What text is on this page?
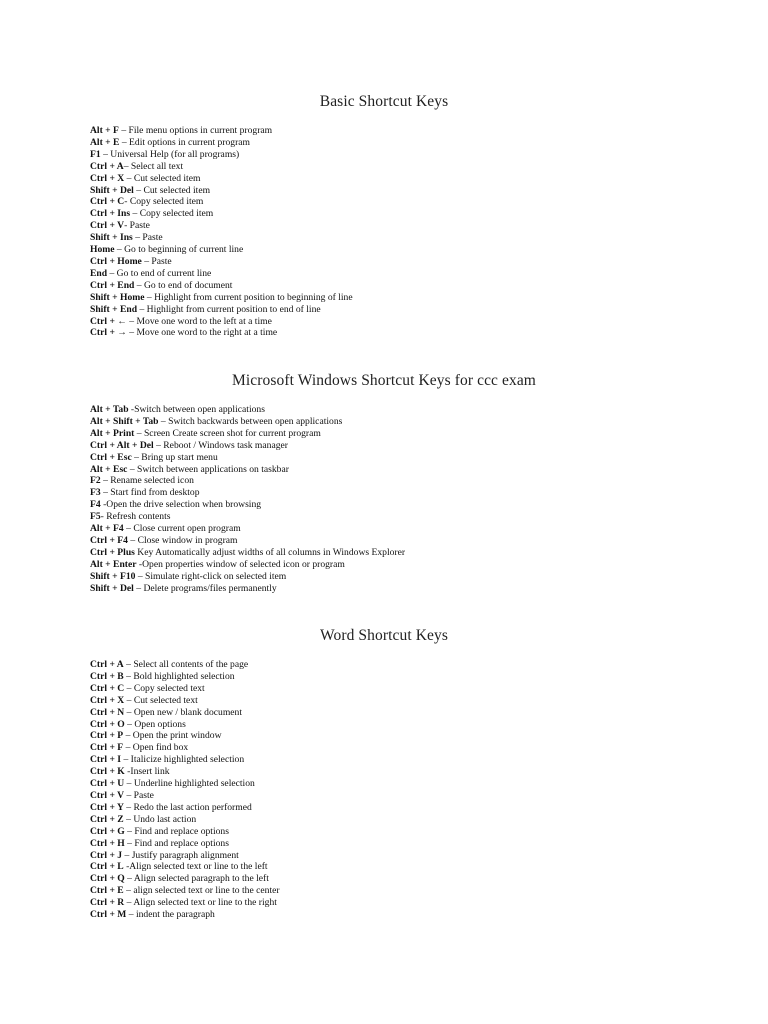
Basic Shortcut Keys
Alt + F – File menu options in current program
Alt + E – Edit options in current program
F1 – Universal Help (for all programs)
Ctrl + A– Select all text
Ctrl + X – Cut selected item
Shift + Del – Cut selected item
Ctrl + C- Copy selected item
Ctrl + Ins – Copy selected item
Ctrl + V- Paste
Shift + Ins – Paste
Home – Go to beginning of current line
Ctrl + Home – Paste
End – Go to end of current line
Ctrl + End – Go to end of document
Shift + Home – Highlight from current position to beginning of line
Shift + End – Highlight from current position to end of line
Ctrl + ← – Move one word to the left at a time
Ctrl + → – Move one word to the right at a time
Microsoft Windows Shortcut Keys for ccc exam
Alt + Tab -Switch between open applications
Alt + Shift + Tab – Switch backwards between open applications
Alt + Print – Screen Create screen shot for current program
Ctrl + Alt + Del – Reboot / Windows task manager
Ctrl + Esc – Bring up start menu
Alt + Esc – Switch between applications on taskbar
F2 – Rename selected icon
F3 – Start find from desktop
F4 -Open the drive selection when browsing
F5- Refresh contents
Alt + F4 – Close current open program
Ctrl + F4 – Close window in program
Ctrl + Plus Key Automatically adjust widths of all columns in Windows Explorer
Alt + Enter -Open properties window of selected icon or program
Shift + F10 – Simulate right-click on selected item
Shift + Del – Delete programs/files permanently
Word Shortcut Keys
Ctrl + A – Select all contents of the page
Ctrl + B – Bold highlighted selection
Ctrl + C – Copy selected text
Ctrl + X – Cut selected text
Ctrl + N – Open new / blank document
Ctrl + O – Open options
Ctrl + P – Open the print window
Ctrl + F – Open find box
Ctrl + I – Italicize highlighted selection
Ctrl + K -Insert link
Ctrl + U – Underline highlighted selection
Ctrl + V – Paste
Ctrl + Y – Redo the last action performed
Ctrl + Z – Undo last action
Ctrl + G – Find and replace options
Ctrl + H – Find and replace options
Ctrl + J – Justify paragraph alignment
Ctrl + L -Align selected text or line to the left
Ctrl + Q – Align selected paragraph to the left
Ctrl + E – align selected text or line to the center
Ctrl + R – Align selected text or line to the right
Ctrl + M – indent the paragraph
